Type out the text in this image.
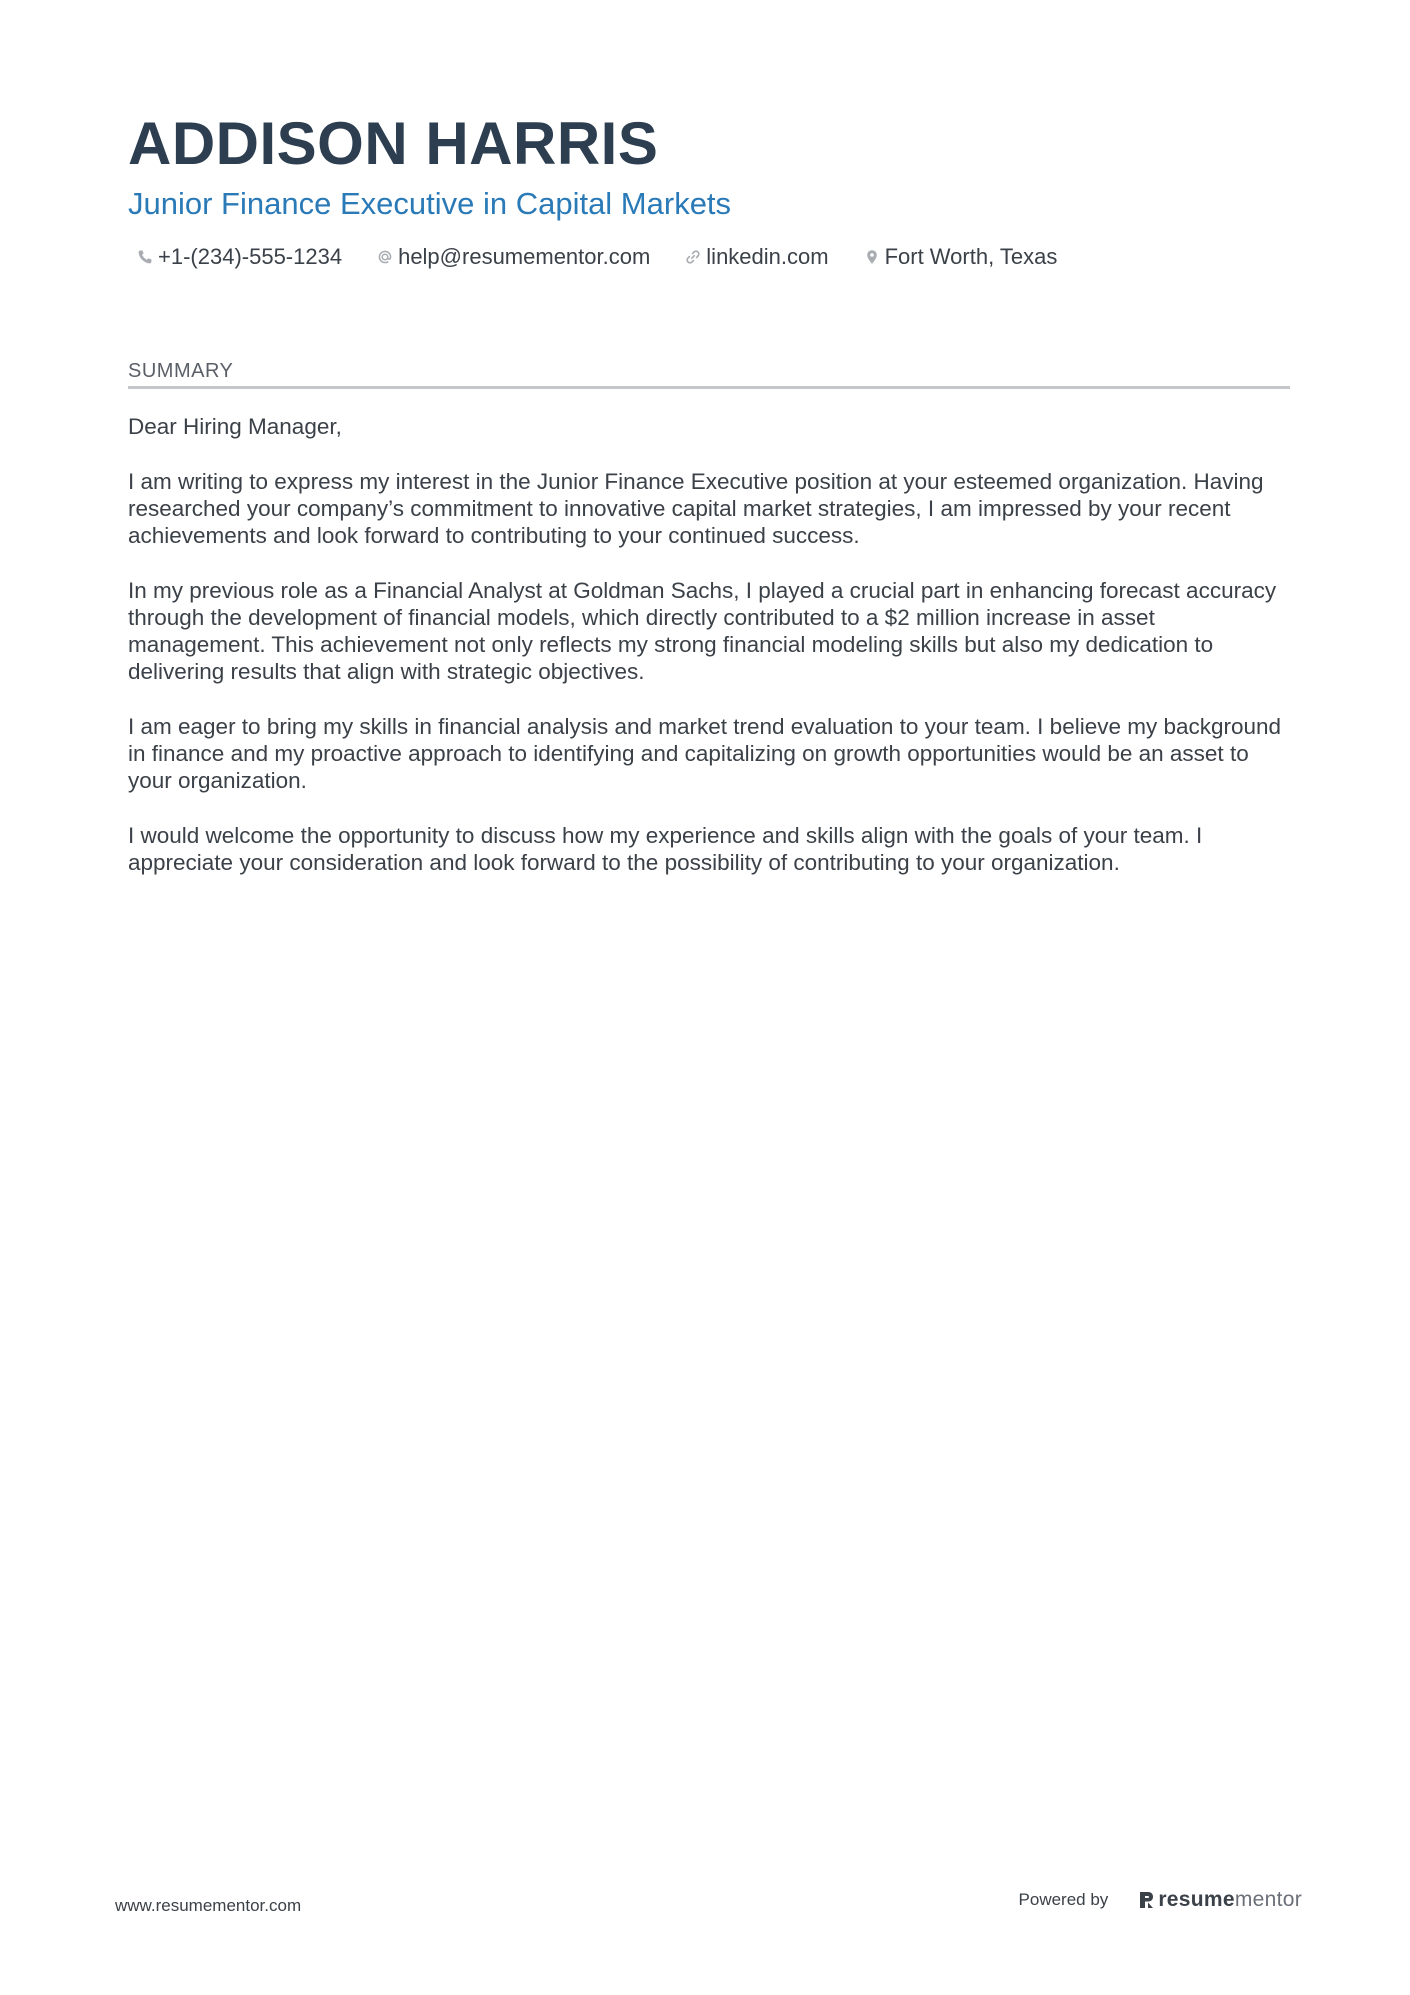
ADDISON HARRIS
Junior Finance Executive in Capital Markets
+1-(234)-555-1234	help@resumementor.com	linkedin.com	Fort Worth, Texas
SUMMARY

Dear Hiring Manager,

I am writing to express my interest in the Junior Finance Executive position at your esteemed organization. Having researched your company’s commitment to innovative capital market strategies, I am impressed by your recent achievements and look forward to contributing to your continued success.

In my previous role as a Financial Analyst at Goldman Sachs, I played a crucial part in enhancing forecast accuracy through the development of financial models, which directly contributed to a $2 million increase in asset management. This achievement not only reflects my strong financial modeling skills but also my dedication to delivering results that align with strategic objectives.

I am eager to bring my skills in financial analysis and market trend evaluation to your team. I believe my background in finance and my proactive approach to identifying and capitalizing on growth opportunities would be an asset to your organization.

I would welcome the opportunity to discuss how my experience and skills align with the goals of your team. I appreciate your consideration and look forward to the possibility of contributing to your organization.

www.resumementor.com	Powered by resume mentor
